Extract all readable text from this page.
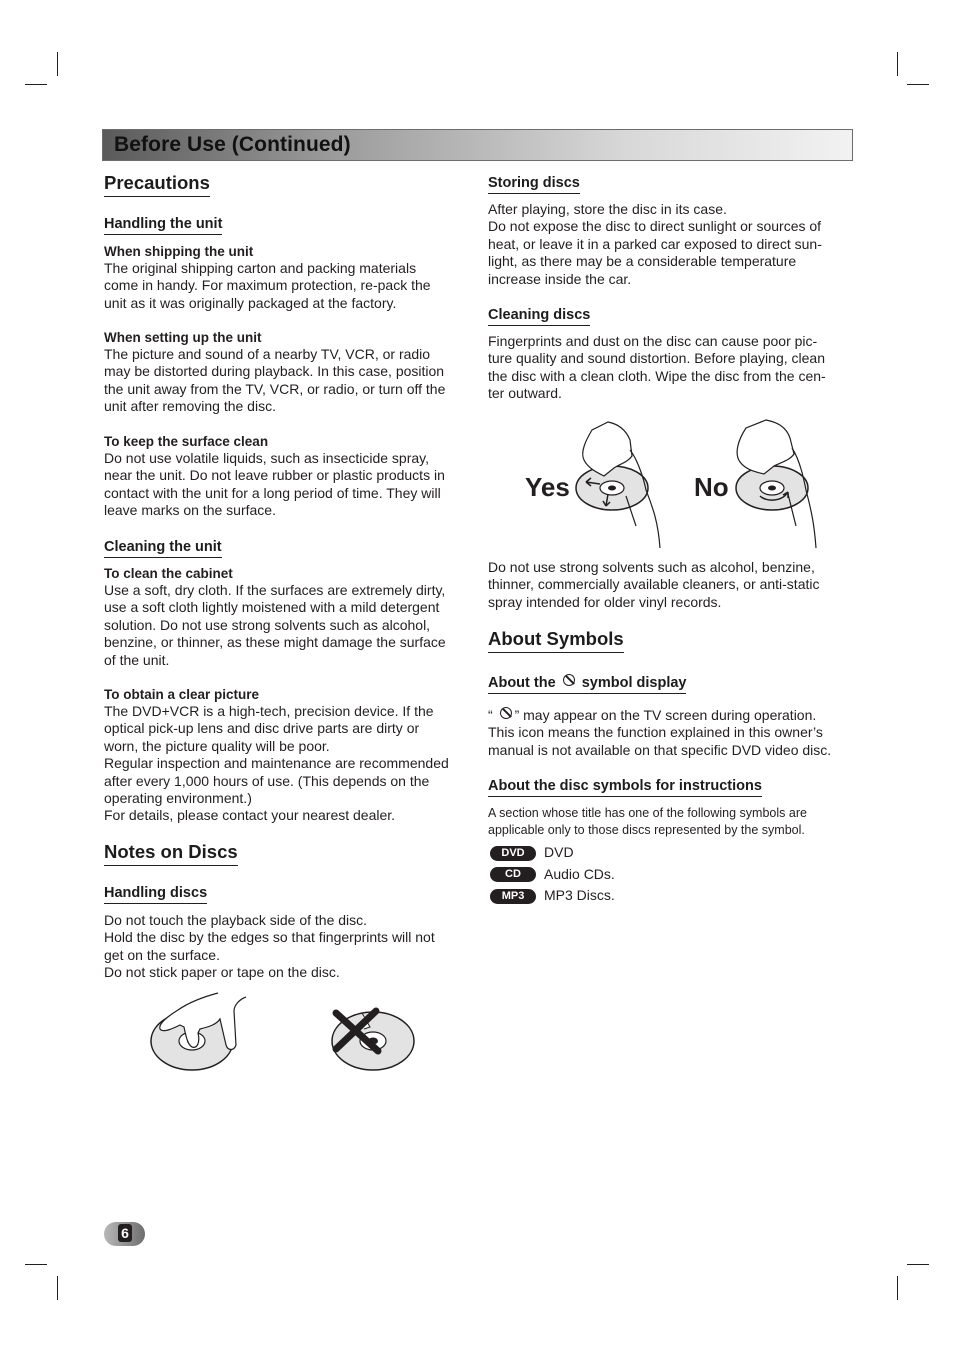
Before Use (Continued)
Precautions
Handling the unit

When shipping the unit

The original shipping carton and packing materials

come in handy. For maximum protection, re-pack the

unit as it was originally packaged at the factory.

When setting up the unit

The picture and sound of a nearby TV, VCR, or radio

may be distorted during playback. In this case, position

the unit away from the TV, VCR, or radio, or turn off the

unit after removing the disc.

To keep the surface clean

Do not use volatile liquids, such as insecticide spray,

near the unit. Do not leave rubber or plastic products in

contact with the unit for a long period of time. They will

leave marks on the surface.

Cleaning the unit

To clean the cabinet

Use a soft, dry cloth. If the surfaces are extremely dirty,

use a soft cloth lightly moistened with a mild detergent

solution. Do not use strong solvents such as alcohol,

benzine, or thinner, as these might damage the surface

of the unit.

To obtain a clear picture

The DVD+VCR is a high-tech, precision device. If the

optical pick-up lens and disc drive parts are dirty or

worn, the picture quality will be poor.

Regular inspection and maintenance are recommended

after every 1,000 hours of use. (This depends on the

operating environment.)

For details, please contact your nearest dealer.

Notes on Discs
Handling discs

Do not touch the playback side of the disc.

Hold the disc by the edges so that fingerprints will not

get on the surface.

Do not stick paper or tape on the disc.

Storing discs

After playing, store the disc in its case.

Do not expose the disc to direct sunlight or sources of

heat, or leave it in a parked car exposed to direct sun-

light, as there may be a considerable temperature

increase inside the car.

Cleaning discs

Fingerprints and dust on the disc can cause poor pic-

ture quality and sound distortion. Before playing, clean

the disc with a clean cloth. Wipe the disc from the cen-

ter outward.

Do not use strong solvents such as alcohol, benzine,

thinner, commercially available cleaners, or anti-static

spray intended for older vinyl records.

About Symbols
About the symbol display

“ ” may appear on the TV screen during operation.

This icon means the function explained in this owner’s

manual is not available on that specific DVD video disc.

About the disc symbols for instructions

A section whose title has one of the following symbols are

applicable only to those discs represented by the symbol.

DVD DVD
CD Audio CDs.
MP3 MP3 Discs.
Yes	No
6
